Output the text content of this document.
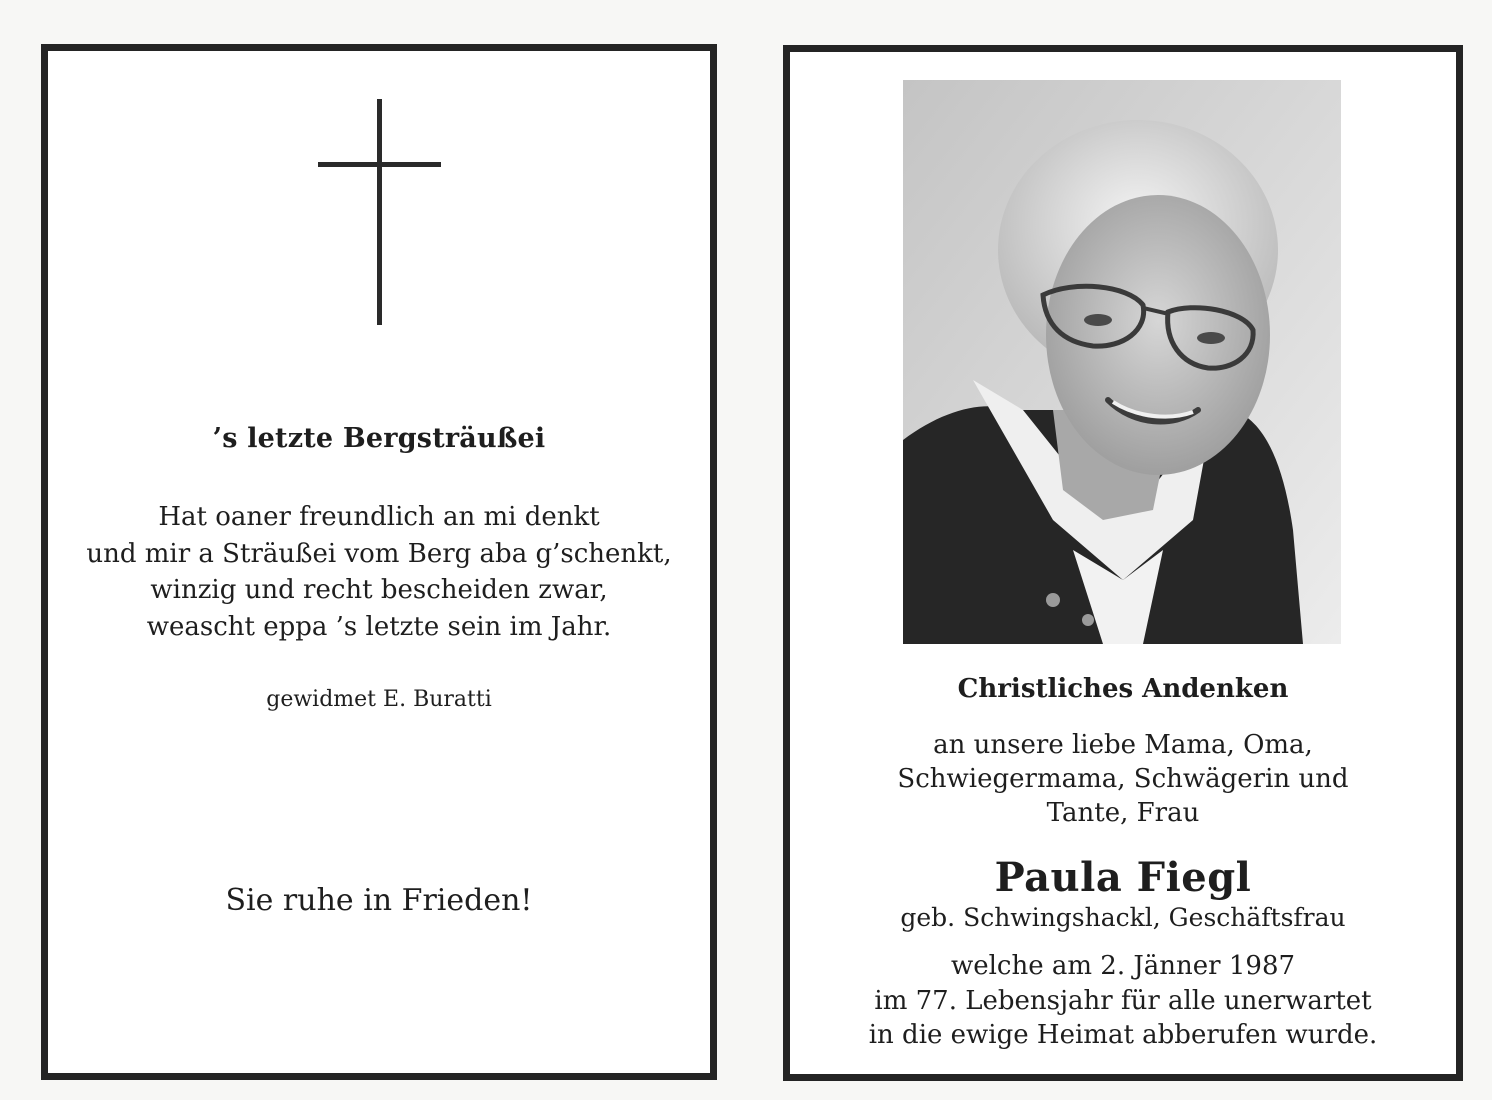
’s letzte Bergsträußei
Hat oaner freundlich an mi denkt
und mir a Sträußei vom Berg aba g’schenkt,
winzig und recht bescheiden zwar,
weascht eppa ’s letzte sein im Jahr.
gewidmet E. Buratti
Sie ruhe in Frieden!
Christliches Andenken
an unsere liebe Mama, Oma,
Schwiegermama, Schwägerin und
Tante, Frau
Paula Fiegl
geb. Schwingshackl, Geschäftsfrau
welche am 2. Jänner 1987
im 77. Lebensjahr für alle unerwartet
in die ewige Heimat abberufen wurde.
